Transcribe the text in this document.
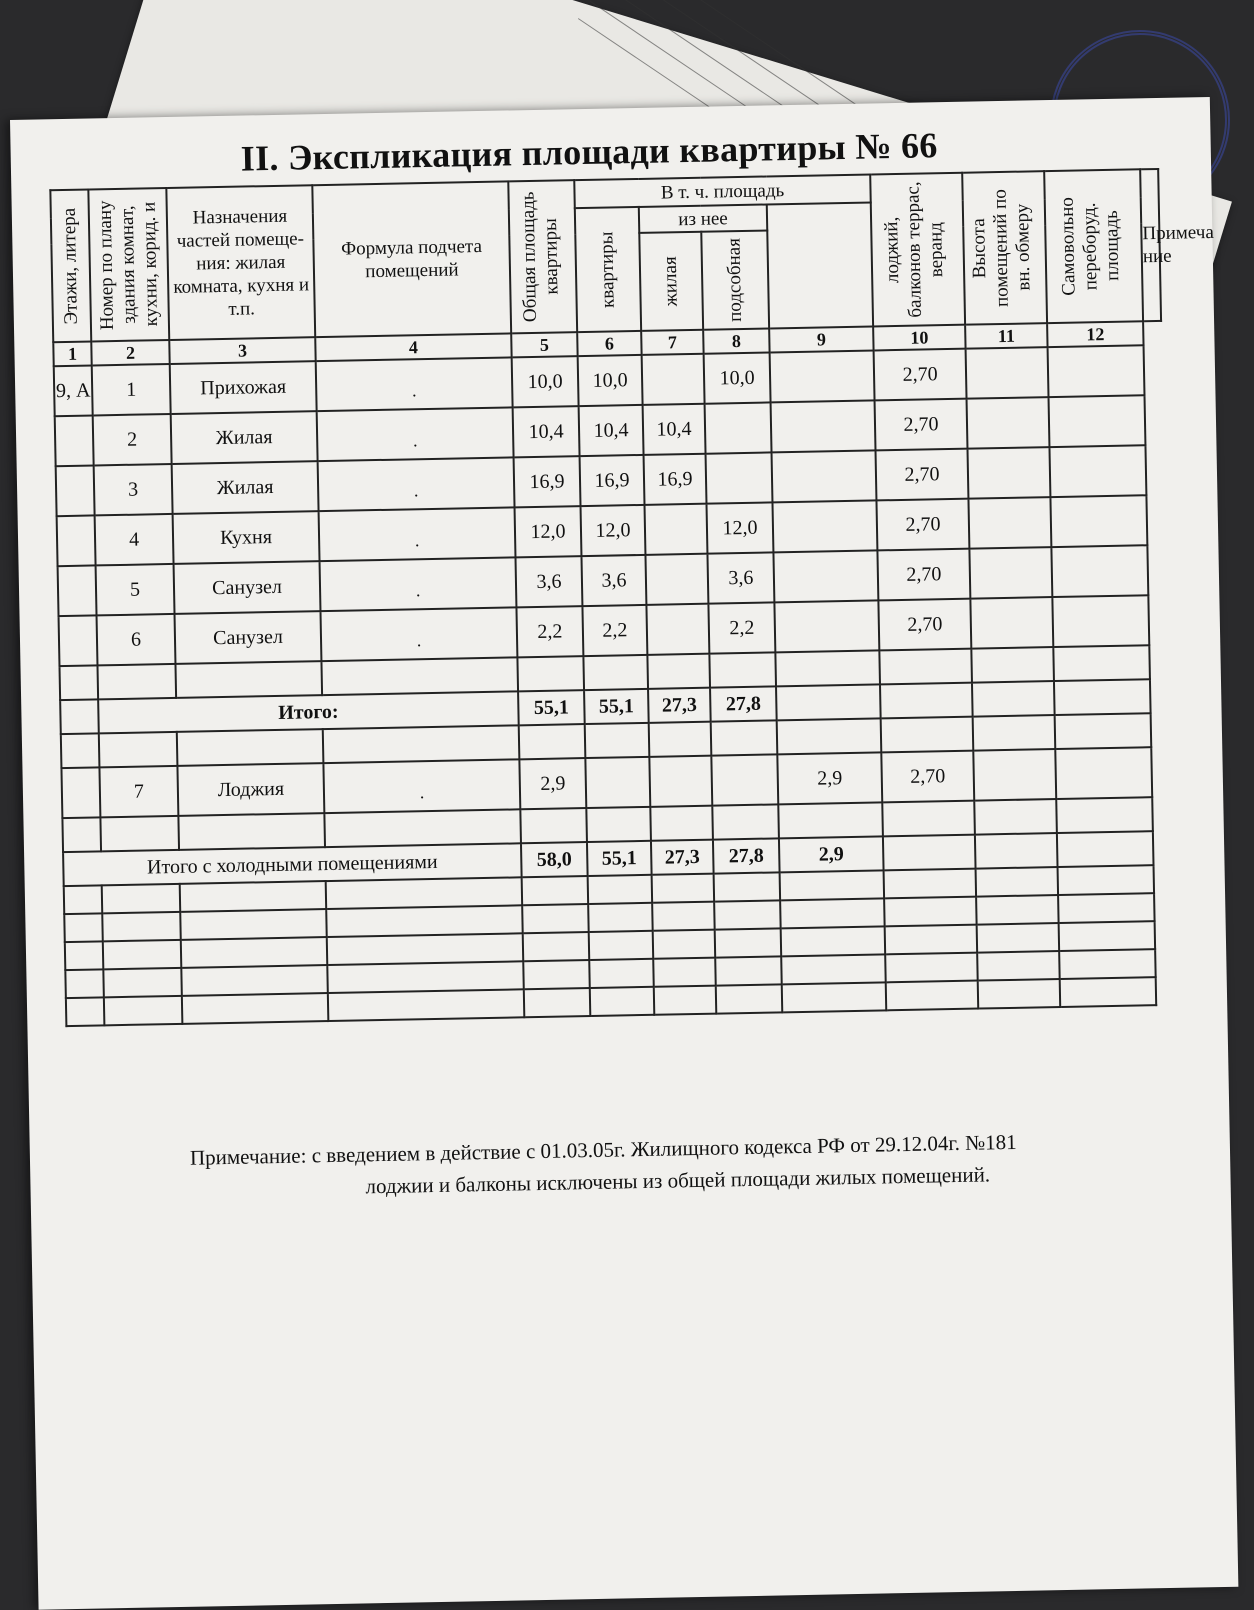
II. Экспликация площади квартиры № 66
Этажи, литера	Номер по плану здания комнат, кухни, корид. и	Назначения частей помеще-ния: жилая комната, кухня и т.п.	Формула подчета помещений	Общая площадь квартиры	В т. ч. площадь				лоджий, балконов террас, веранд	Высота помещений по вн. обмеру	Самовольно переборуд. площадь	Примеча ние

					квартиры	из нее					

						жилая	подсобная					

1	2	3	4	5	6	7	8	9	10	11	12	
9, А	1	Прихожая	.	10,0	10,0		10,0		2,70			
	2	Жилая	.	10,4	10,4	10,4			2,70			
	3	Жилая	.	16,9	16,9	16,9			2,70			
	4	Кухня	.	12,0	12,0		12,0		2,70			
	5	Санузел	.	3,6	3,6		3,6		2,70			
	6	Санузел	.	2,2	2,2		2,2		2,70			

	Итого:			55,1	55,1	27,3	27,8					

	7	Лоджия	.	2,9				2,9	2,70			

Итого с холодными помещениями				58,0	55,1	27,3	27,8	2,9				

Примечание: с введением в действие с 01.03.05г. Жилищного кодекса РФ от 29.12.04г. №181
лоджии и балконы исключены из общей площади жилых помещений.
